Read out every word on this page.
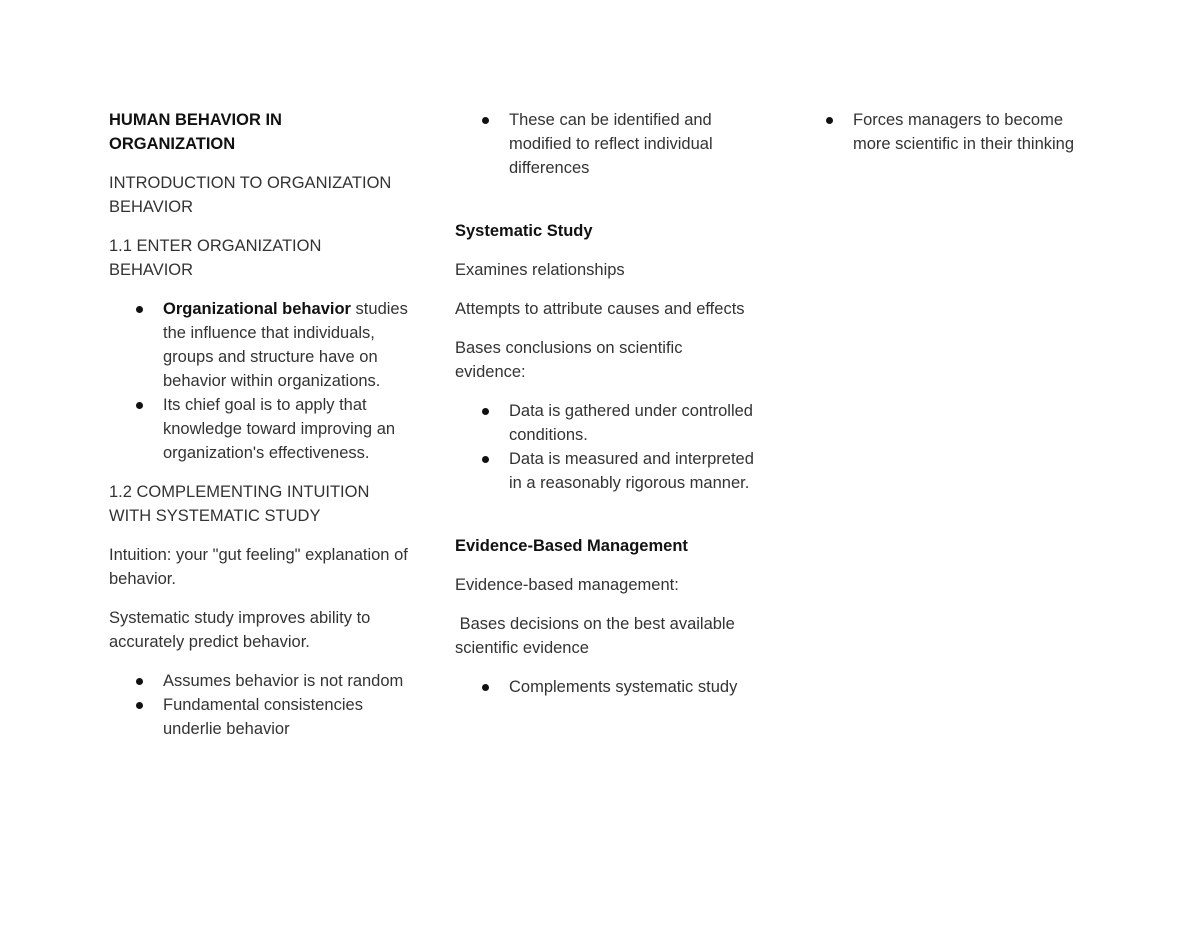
HUMAN BEHAVIOR IN ORGANIZATION

INTRODUCTION TO ORGANIZATION BEHAVIOR

1.1 ENTER ORGANIZATION BEHAVIOR

Organizational behavior studies the influence that individuals, groups and structure have on behavior within organizations.
Its chief goal is to apply that knowledge toward improving an organization's effectiveness.

1.2 COMPLEMENTING INTUITION WITH SYSTEMATIC STUDY

Intuition: your "gut feeling" explanation of behavior.

Systematic study improves ability to accurately predict behavior.

Assumes behavior is not random
Fundamental consistencies underlie behavior
These can be identified and modified to reflect individual differences

Systematic Study

Examines relationships

Attempts to attribute causes and effects

Bases conclusions on scientific evidence:

Data is gathered under controlled conditions.
Data is measured and interpreted in a reasonably rigorous manner.

Evidence-Based Management

Evidence-based management:

Bases decisions on the best available scientific evidence

Complements systematic study
Forces managers to become more scientific in their thinking
